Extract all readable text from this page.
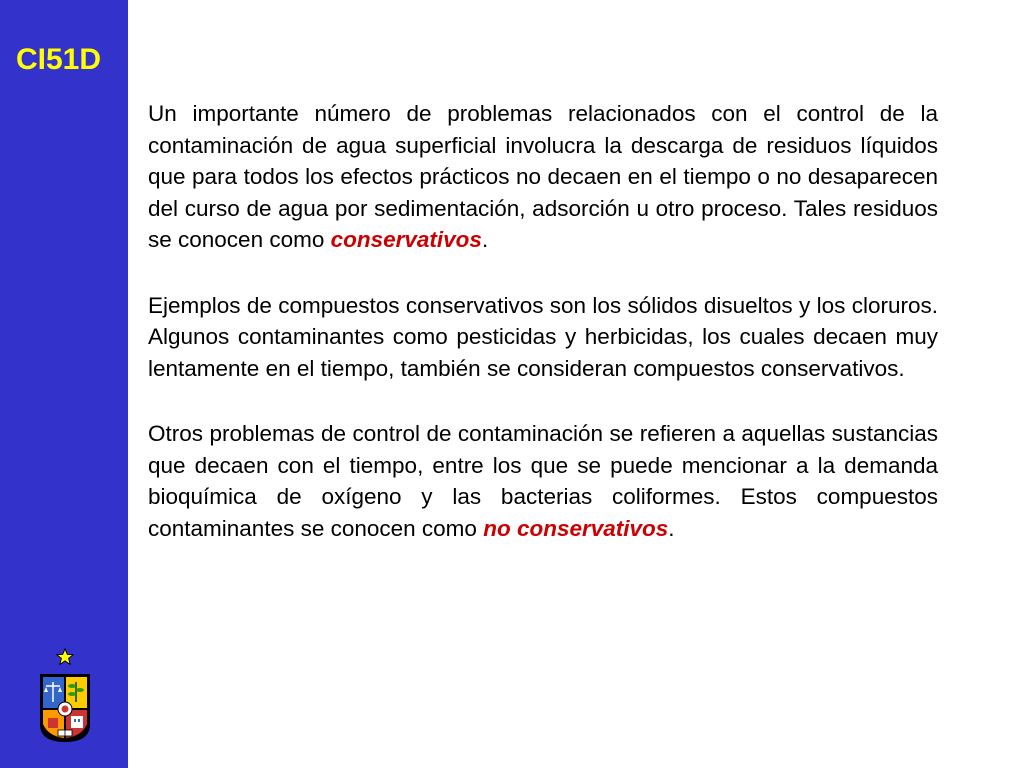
CI51D

Un importante número de problemas relacionados con el control de la contaminación de agua superficial involucra la descarga de residuos líquidos que para todos los efectos prácticos no decaen en el tiempo o no desaparecen del curso de agua por sedimentación, adsorción u otro proceso. Tales residuos se conocen como conservativos.

Ejemplos de compuestos conservativos son los sólidos disueltos y los cloruros. Algunos contaminantes como pesticidas y herbicidas, los cuales decaen muy lentamente en el tiempo, también se consideran compuestos conservativos.

Otros problemas de control de contaminación se refieren a aquellas sustancias que decaen con el tiempo, entre los que se puede mencionar a la demanda bioquímica de oxígeno y las bacterias coliformes. Estos compuestos contaminantes se conocen como no conservativos.
